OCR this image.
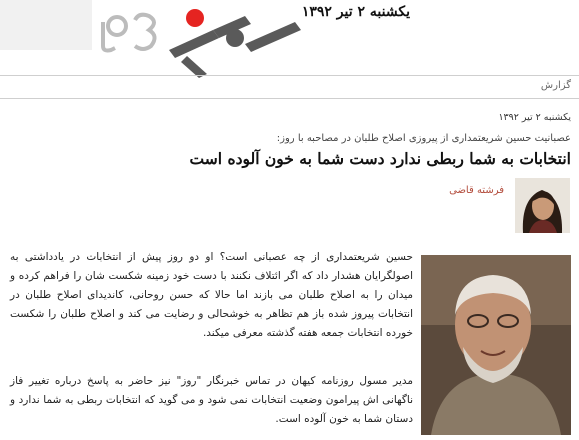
یکشنبه ۲ تیر ۱۳۹۲
گزارش
یکشنبه ۲ تیر ۱۳۹۲
عصبانیت حسین شریعتمداری از پیروزی اصلاح طلبان در مصاحبه با روز:
انتخابات به شما ربطی ندارد دست شما به خون آلوده است
فرشته قاضی
حسین شریعتمداری از چه عصبانی است؟ او دو روز پیش از انتخابات در یادداشتی به اصولگرایان هشدار داد که اگر ائتلاف نکنند با دست خود زمینه شکست شان را فراهم کرده و میدان را به اصلاح طلبان می بازند اما حالا که حسن روحانی، کاندیدای اصلاح طلبان در انتخابات پیروز شده باز هم تظاهر به خوشحالی و رضایت می کند و اصلاح طلبان را شکست خورده انتخابات جمعه هفته گذشته معرفی میکند.
مدیر مسول روزنامه کیهان در تماس خبرنگار "روز" نیز حاضر به پاسخ درباره تغییر فاز ناگهانی اش پیرامون وضعیت انتخابات نمی شود و می گوید که انتخابات ربطی به شما ندارد و دستان شما به خون آلوده است.
